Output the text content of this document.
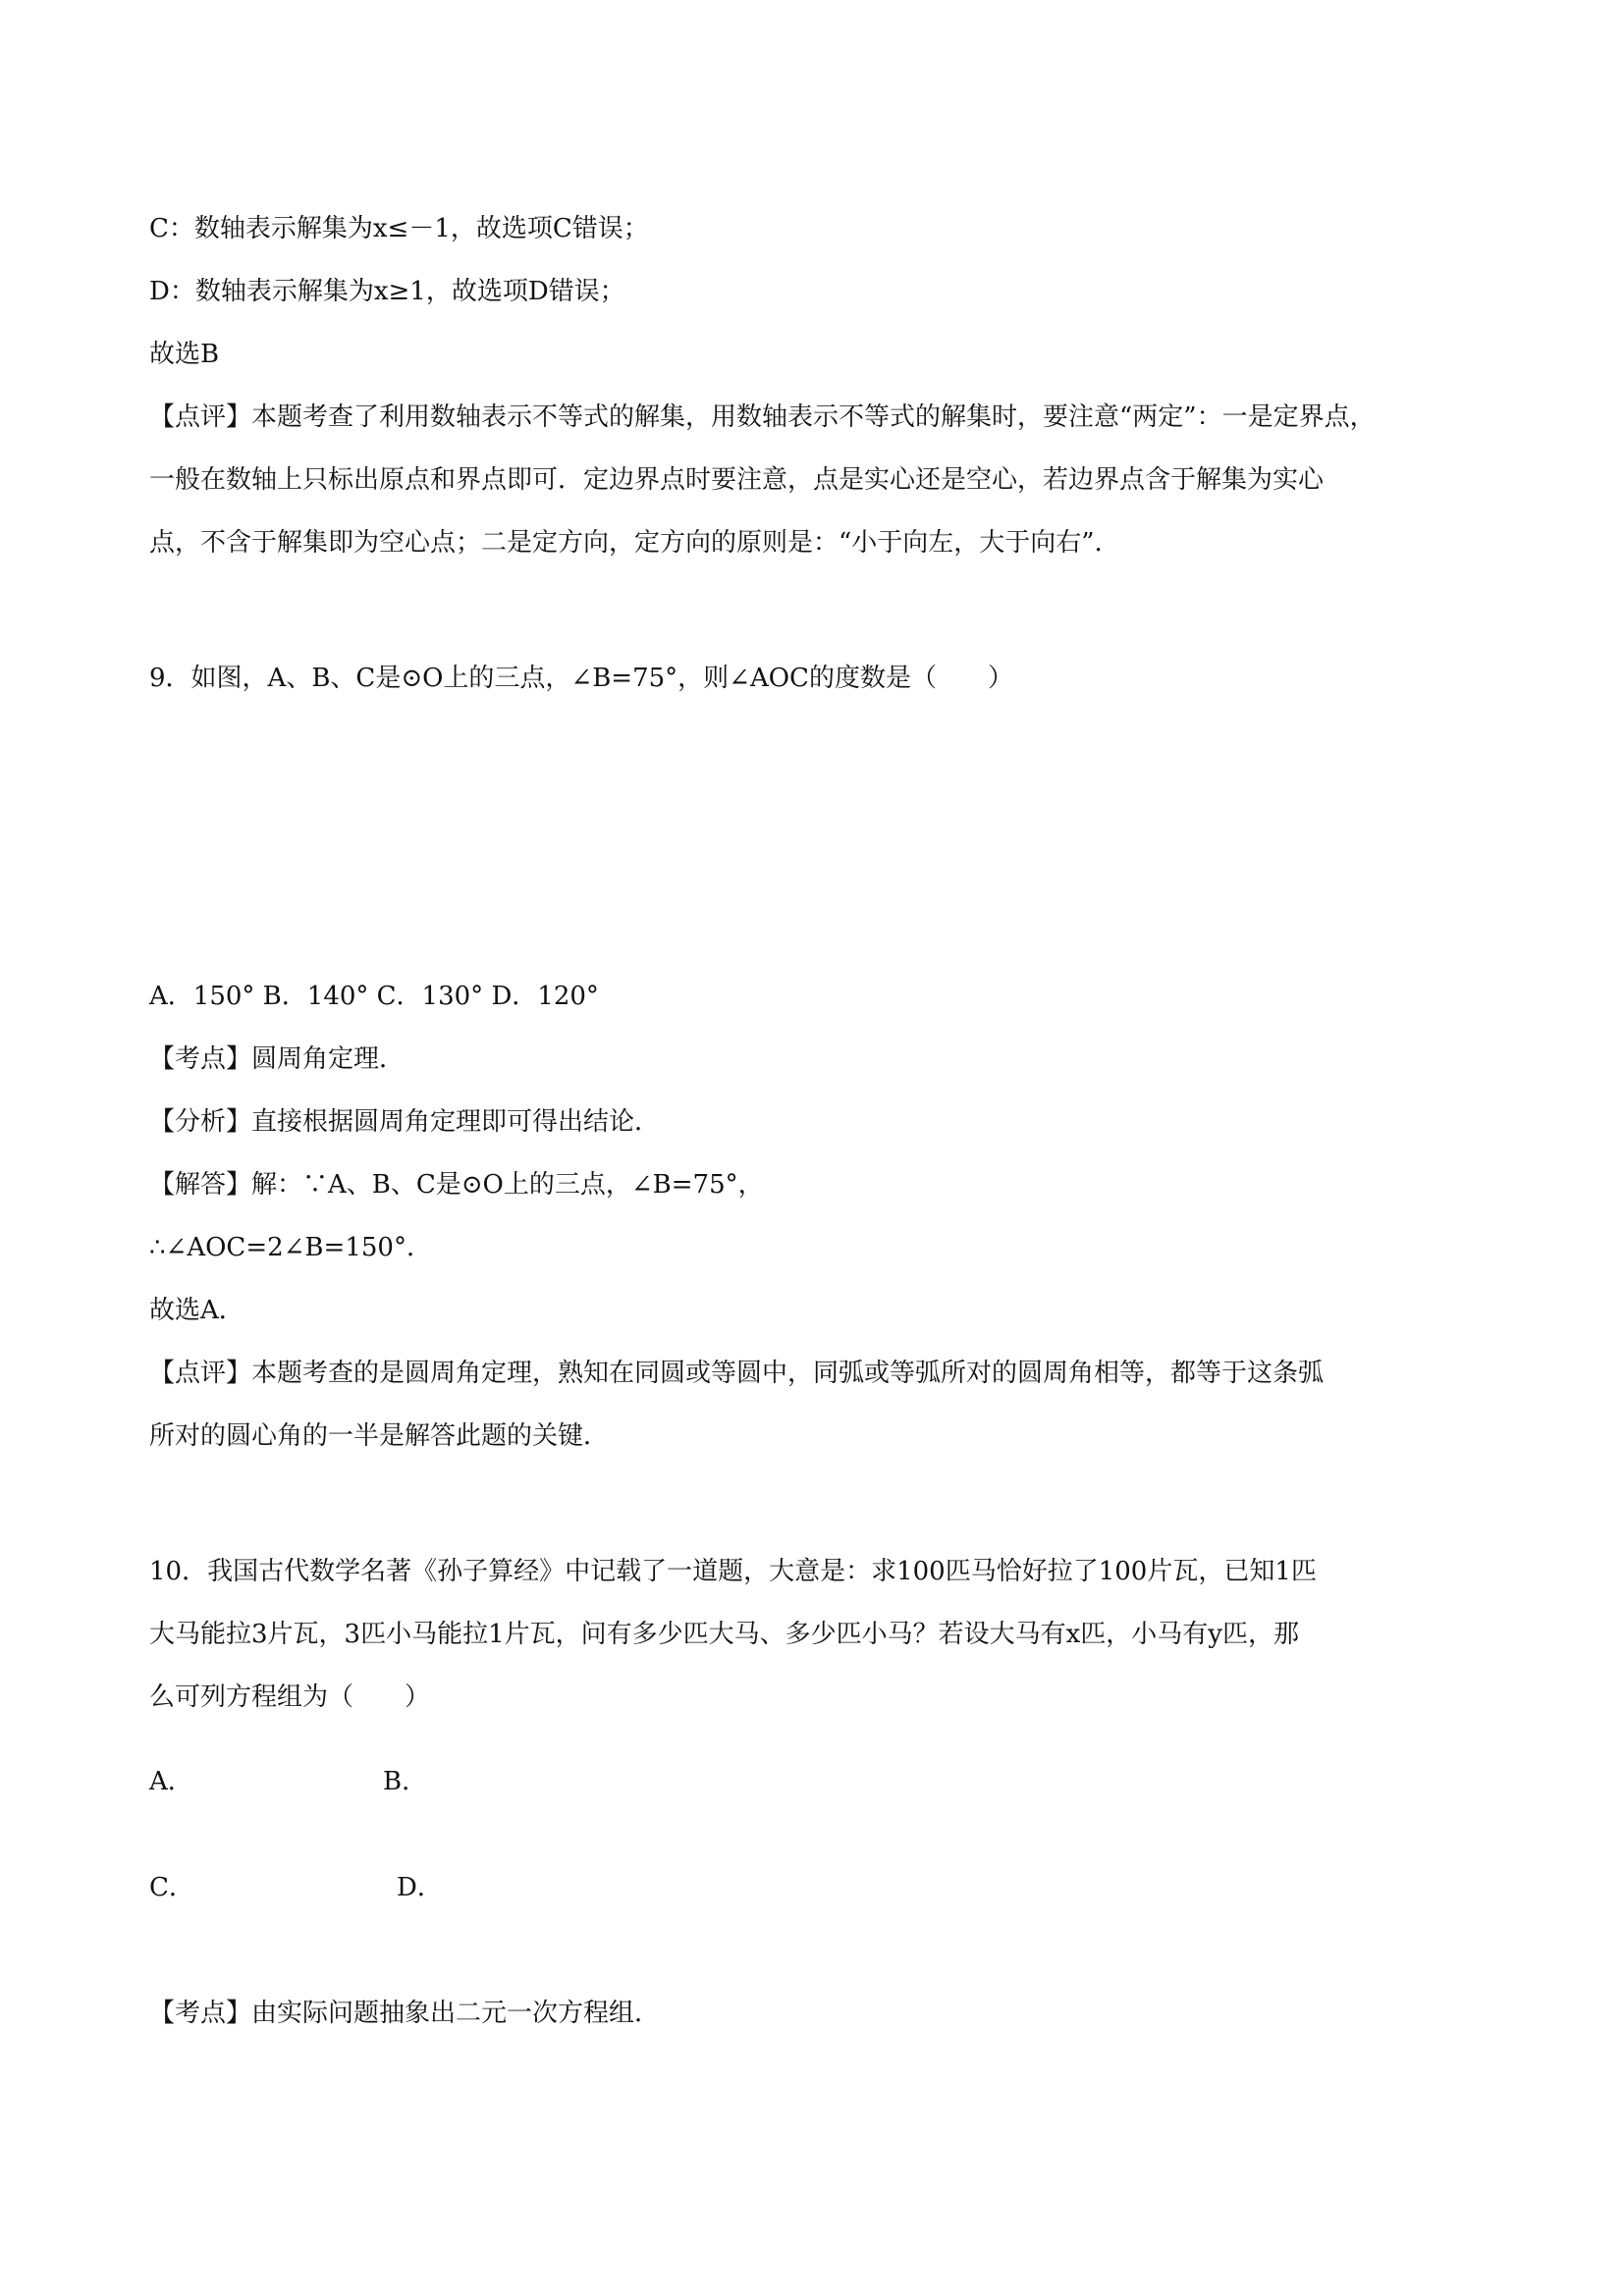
C：数轴表示解集为x≤－1，故选项C错误；
D：数轴表示解集为x≥1，故选项D错误；
故选B
【点评】本题考查了利用数轴表示不等式的解集，用数轴表示不等式的解集时，要注意“两定”：一是定界点，
一般在数轴上只标出原点和界点即可．定边界点时要注意，点是实心还是空心，若边界点含于解集为实心
点，不含于解集即为空心点；二是定方向，定方向的原则是：“小于向左，大于向右”．
9．如图，A、B、C是⊙O上的三点，∠B=75°，则∠AOC的度数是（　　）
A．150° B．140° C．130° D．120°
【考点】圆周角定理．
【分析】直接根据圆周角定理即可得出结论．
【解答】解：∵A、B、C是⊙O上的三点，∠B=75°，
∴∠AOC=2∠B=150°．
故选A．
【点评】本题考查的是圆周角定理，熟知在同圆或等圆中，同弧或等弧所对的圆周角相等，都等于这条弧
所对的圆心角的一半是解答此题的关键．
10．我国古代数学名著《孙子算经》中记载了一道题，大意是：求100匹马恰好拉了100片瓦，已知1匹
大马能拉3片瓦，3匹小马能拉1片瓦，问有多少匹大马、多少匹小马？若设大马有x匹，小马有y匹，那
么可列方程组为（　　）
A．	B．
C．	D．
【考点】由实际问题抽象出二元一次方程组．
